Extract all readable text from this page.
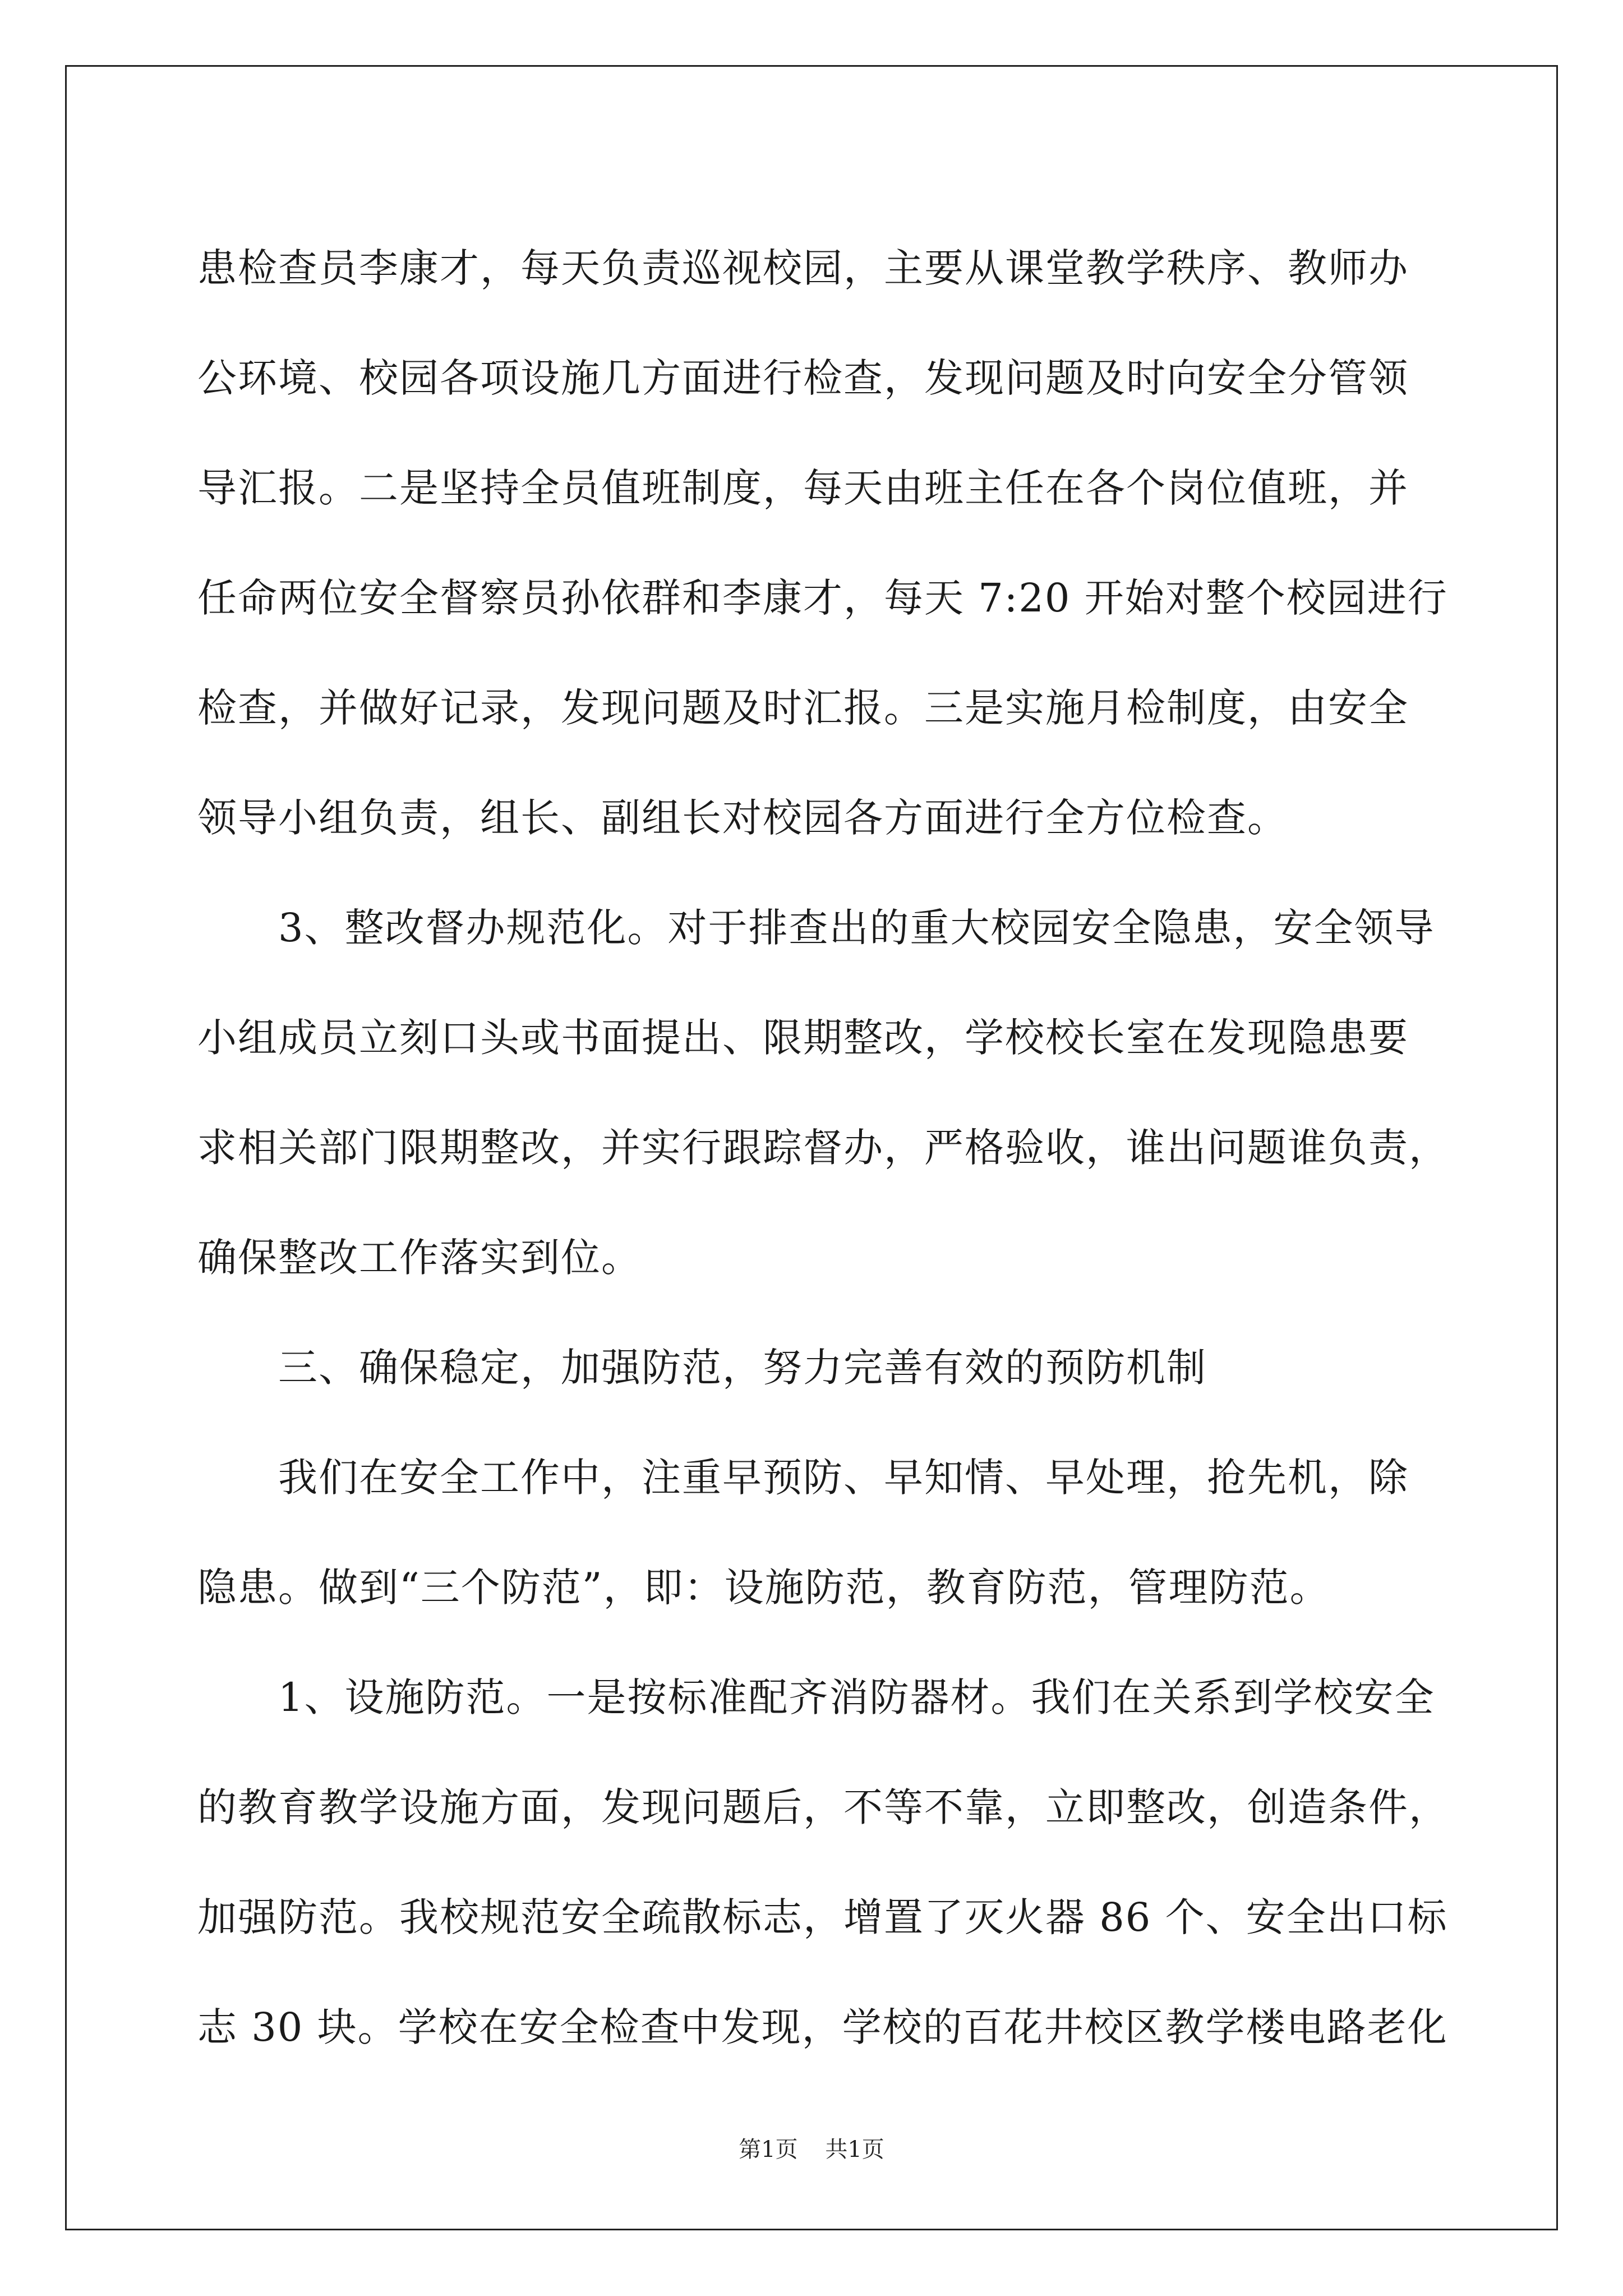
患检查员李康才，每天负责巡视校园，主要从课堂教学秩序、教师办
公环境、校园各项设施几方面进行检查，发现问题及时向安全分管领
导汇报。二是坚持全员值班制度，每天由班主任在各个岗位值班，并
任命两位安全督察员孙依群和李康才，每天 7:20 开始对整个校园进行
检查，并做好记录，发现问题及时汇报。三是实施月检制度，由安全
领导小组负责，组长、副组长对校园各方面进行全方位检查。
3、整改督办规范化。对于排查出的重大校园安全隐患，安全领导
小组成员立刻口头或书面提出、限期整改，学校校长室在发现隐患要
求相关部门限期整改，并实行跟踪督办，严格验收，谁出问题谁负责，
确保整改工作落实到位。
三、确保稳定，加强防范，努力完善有效的预防机制
我们在安全工作中，注重早预防、早知情、早处理，抢先机，除
隐患。做到“三个防范”，即：设施防范，教育防范，管理防范。
1、设施防范。一是按标准配齐消防器材。我们在关系到学校安全
的教育教学设施方面，发现问题后，不等不靠，立即整改，创造条件，
加强防范。我校规范安全疏散标志，增置了灭火器 86 个、安全出口标
志 30 块。学校在安全检查中发现，学校的百花井校区教学楼电路老化
第1页 共1页
